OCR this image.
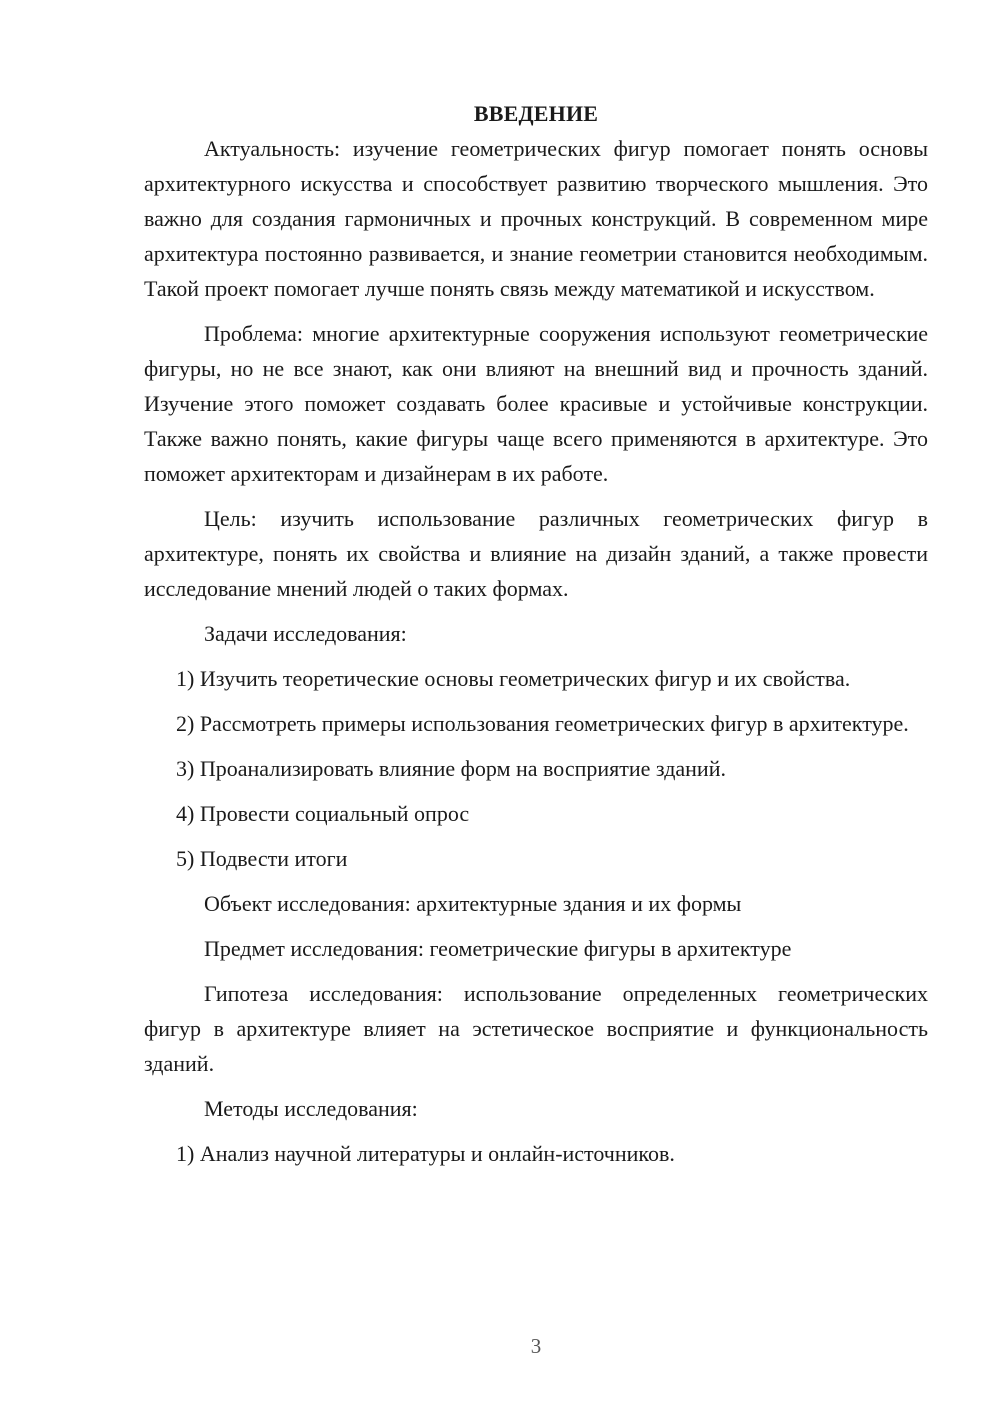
ВВЕДЕНИЕ

Актуальность: изучение геометрических фигур помогает понять основы архитектурного искусства и способствует развитию творческого мышления. Это важно для создания гармоничных и прочных конструкций. В современном мире архитектура постоянно развивается, и знание геометрии становится необходимым. Такой проект помогает лучше понять связь между математикой и искусством.

Проблема: многие архитектурные сооружения используют геометрические фигуры, но не все знают, как они влияют на внешний вид и прочность зданий. Изучение этого поможет создавать более красивые и устойчивые конструкции. Также важно понять, какие фигуры чаще всего применяются в архитектуре. Это поможет архитекторам и дизайнерам в их работе.

Цель: изучить использование различных геометрических фигур в архитектуре, понять их свойства и влияние на дизайн зданий, а также провести исследование мнений людей о таких формах.

Задачи исследования:

1) Изучить теоретические основы геометрических фигур и их свойства.

2) Рассмотреть примеры использования геометрических фигур в архитектуре.

3) Проанализировать влияние форм на восприятие зданий.

4) Провести социальный опрос

5) Подвести итоги

Объект исследования: архитектурные здания и их формы

Предмет исследования: геометрические фигуры в архитектуре

Гипотеза исследования: использование определенных геометрических фигур в архитектуре влияет на эстетическое восприятие и функциональность зданий.

Методы исследования:

1) Анализ научной литературы и онлайн-источников.

3
